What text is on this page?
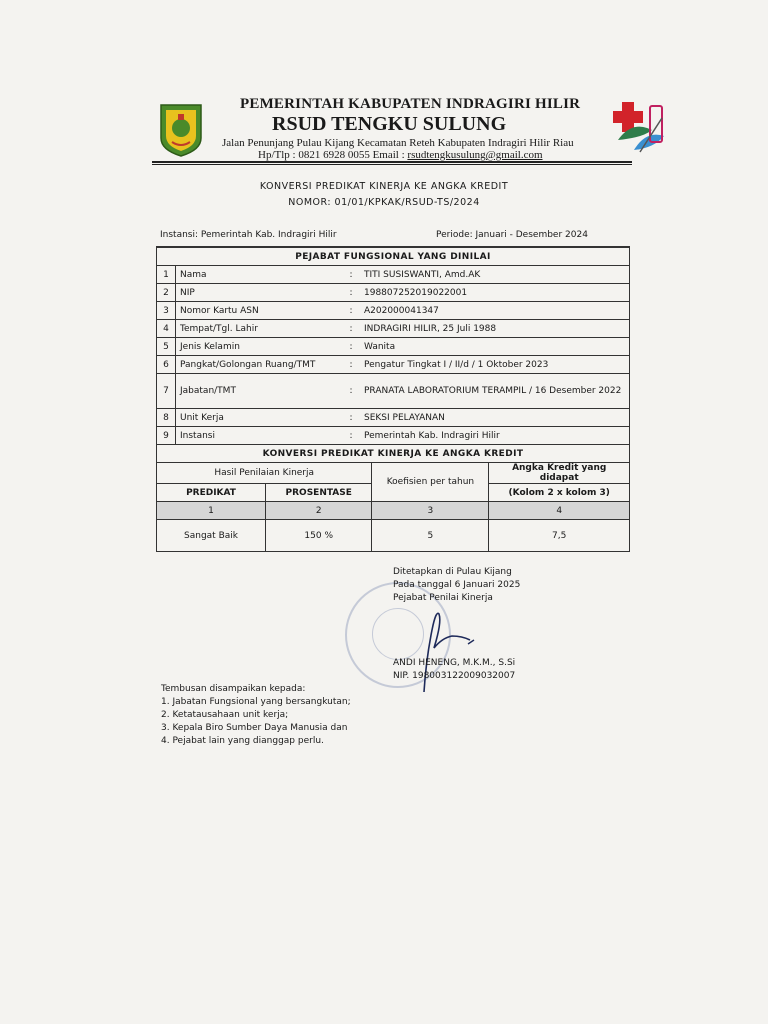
PEMERINTAH KABUPATEN INDRAGIRI HILIR
RSUD TENGKU SULUNG
Jalan Penunjang Pulau Kijang Kecamatan Reteh Kabupaten Indragiri Hilir Riau
Hp/Tlp : 0821 6928 0055 Email : rsudtengkusulung@gmail.com
KONVERSI PREDIKAT KINERJA KE ANGKA KREDIT
NOMOR: 01/01/KPKAK/RSUD-TS/2024
Instansi: Pemerintah Kab. Indragiri Hilir	Periode: Januari - Desember 2024
PEJABAT FUNGSIONAL YANG DINILAI			
1	Nama	:	TITI SUSISWANTI, Amd.AK
2	NIP	:	198807252019022001
3	Nomor Kartu ASN	:	A202000041347
4	Tempat/Tgl. Lahir	:	INDRAGIRI HILIR, 25 Juli 1988
5	Jenis Kelamin	:	Wanita
6	Pangkat/Golongan Ruang/TMT	:	Pengatur Tingkat I / II/d / 1 Oktober 2023
7	Jabatan/TMT	:	PRANATA LABORATORIUM TERAMPIL / 16 Desember 2022
8	Unit Kerja	:	SEKSI PELAYANAN
9	Instansi	:	Pemerintah Kab. Indragiri Hilir
KONVERSI PREDIKAT KINERJA KE ANGKA KREDIT			
Hasil Penilaian Kinerja		Koefisien per tahun	Angka Kredit yang didapat
PREDIKAT	PROSENTASE		(Kolom 2 x kolom 3)
1	2	3	4
Sangat Baik	150 %	5	7,5
Ditetapkan di Pulau Kijang
Pada tanggal 6 Januari 2025
Pejabat Penilai Kinerja
ANDI HENENG, M.K.M., S.Si
NIP. 198003122009032007
Tembusan disampaikan kepada:
1. Jabatan Fungsional yang bersangkutan;
2. Ketatausahaan unit kerja;
3. Kepala Biro Sumber Daya Manusia dan
4. Pejabat lain yang dianggap perlu.
